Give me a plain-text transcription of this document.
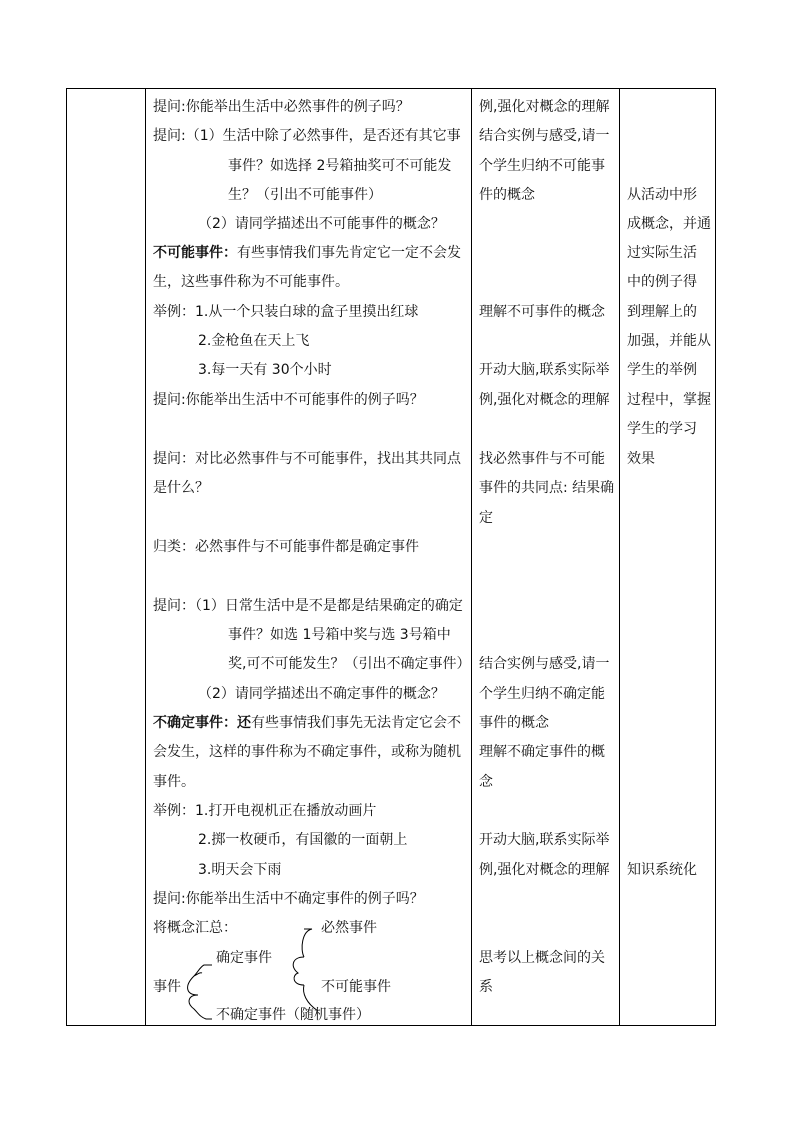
提问:你能举出生活中必然事件的例子吗？
提问:（1）生活中除了必然事件，是否还有其它事
事件？如选择 2号箱抽奖可不可能发
生？（引出不可能事件）
（2）请同学描述出不可能事件的概念？
不可能事件：有些事情我们事先肯定它一定不会发
生，这些事件称为不可能事件。
举例：1.从一个只装白球的盒子里摸出红球
2.金枪鱼在天上飞
3.每一天有 30个小时
提问:你能举出生活中不可能事件的例子吗？
提问：对比必然事件与不可能事件，找出其共同点
是什么？
归类：必然事件与不可能事件都是确定事件
提问：（1）日常生活中是不是都是结果确定的确定
事件？如选 1号箱中奖与选 3号箱中
奖,可不可能发生？（引出不确定事件）
（2）请同学描述出不确定事件的概念？
不确定事件：还有些事情我们事先无法肯定它会不
会发生，这样的事件称为不确定事件，或称为随机
事件。
举例：1.打开电视机正在播放动画片
2.掷一枚硬币，有国徽的一面朝上
3.明天会下雨
提问:你能举出生活中不确定事件的例子吗？
将概念汇总：
事件
确定事件
必然事件
不可能事件
不确定事件（随机事件）
例,强化对概念的理解
结合实例与感受,请一
个学生归纳不可能事
件的概念
理解不可事件的概念
开动大脑,联系实际举
例,强化对概念的理解
找必然事件与不可能
事件的共同点: 结果确
定
结合实例与感受,请一
个学生归纳不确定能
事件的概念
理解不确定事件的概
念
开动大脑,联系实际举
例,强化对概念的理解
思考以上概念间的关
系
从活动中形
成概念，并通
过实际生活
中的例子得
到理解上的
加强，并能从
学生的举例
过程中，掌握
学生的学习
效果
知识系统化
